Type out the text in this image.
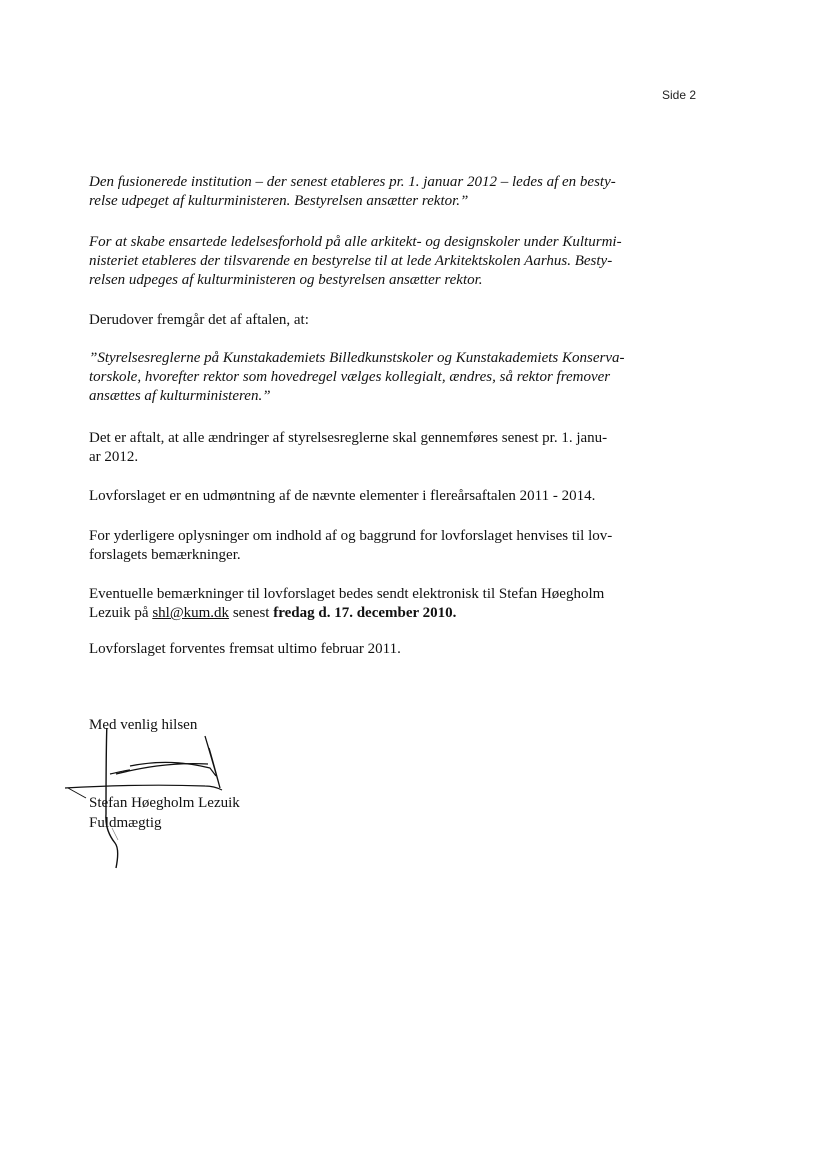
Side 2

Den fusionerede institution – der senest etableres pr. 1. januar 2012 – ledes af en besty-
relse udpeget af kulturministeren. Bestyrelsen ansætter rektor.”

For at skabe ensartede ledelsesforhold på alle arkitekt- og designskoler under Kulturmi-
nisteriet etableres der tilsvarende en bestyrelse til at lede Arkitektskolen Aarhus. Besty-
relsen udpeges af kulturministeren og bestyrelsen ansætter rektor.

Derudover fremgår det af aftalen, at:

”Styrelsesreglerne på Kunstakademiets Billedkunstskoler og Kunstakademiets Konserva-
torskole, hvorefter rektor som hovedregel vælges kollegialt, ændres, så rektor fremover
ansættes af kulturministeren.”

Det er aftalt, at alle ændringer af styrelsesreglerne skal gennemføres senest pr. 1. janu-
ar 2012.

Lovforslaget er en udmøntning af de nævnte elementer i flereårsaftalen 2011 - 2014.

For yderligere oplysninger om indhold af og baggrund for lovforslaget henvises til lov-
forslagets bemærkninger.

Eventuelle bemærkninger til lovforslaget bedes sendt elektronisk til Stefan Høegholm
Lezuik på shl@kum.dk senest fredag d. 17. december 2010.

Lovforslaget forventes fremsat ultimo februar 2011.

Med venlig hilsen
Stefan Høegholm Lezuik
Fuldmægtig
